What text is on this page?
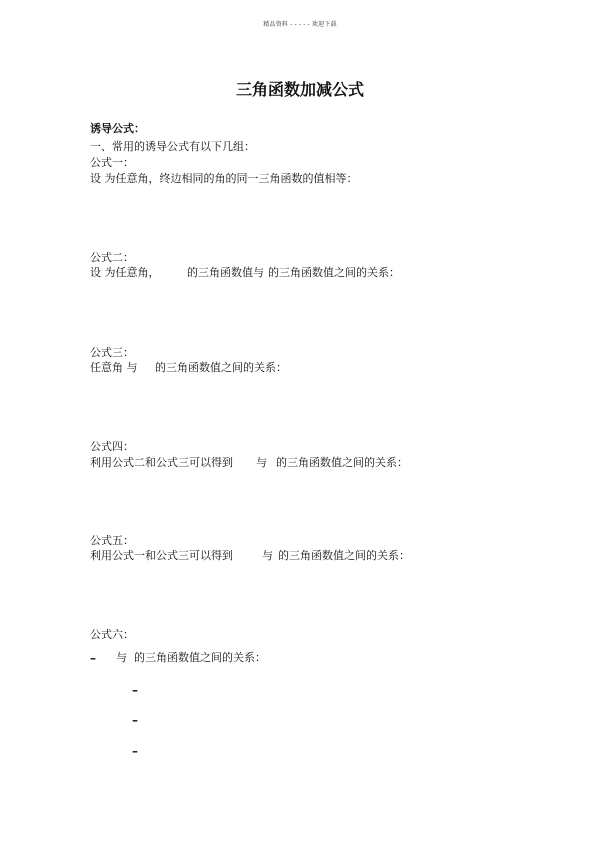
精品资料 - - - - - 欢迎下载
三角函数加减公式
诱导公式：
一、常用的诱导公式有以下几组：
公式一：
设 为任意角，终边相同的角的同一三角函数的值相等：
公式二：
设 为任意角，	的三角函数值与 的三角函数值之间的关系：
公式三：
任意角 与 的三角函数值之间的关系：
公式四：
利用公式二和公式三可以得到 与 的三角函数值之间的关系：
公式五：
利用公式一和公式三可以得到	与 的三角函数值之间的关系：
公式六：
– 与 的三角函数值之间的关系：
–
–
–
